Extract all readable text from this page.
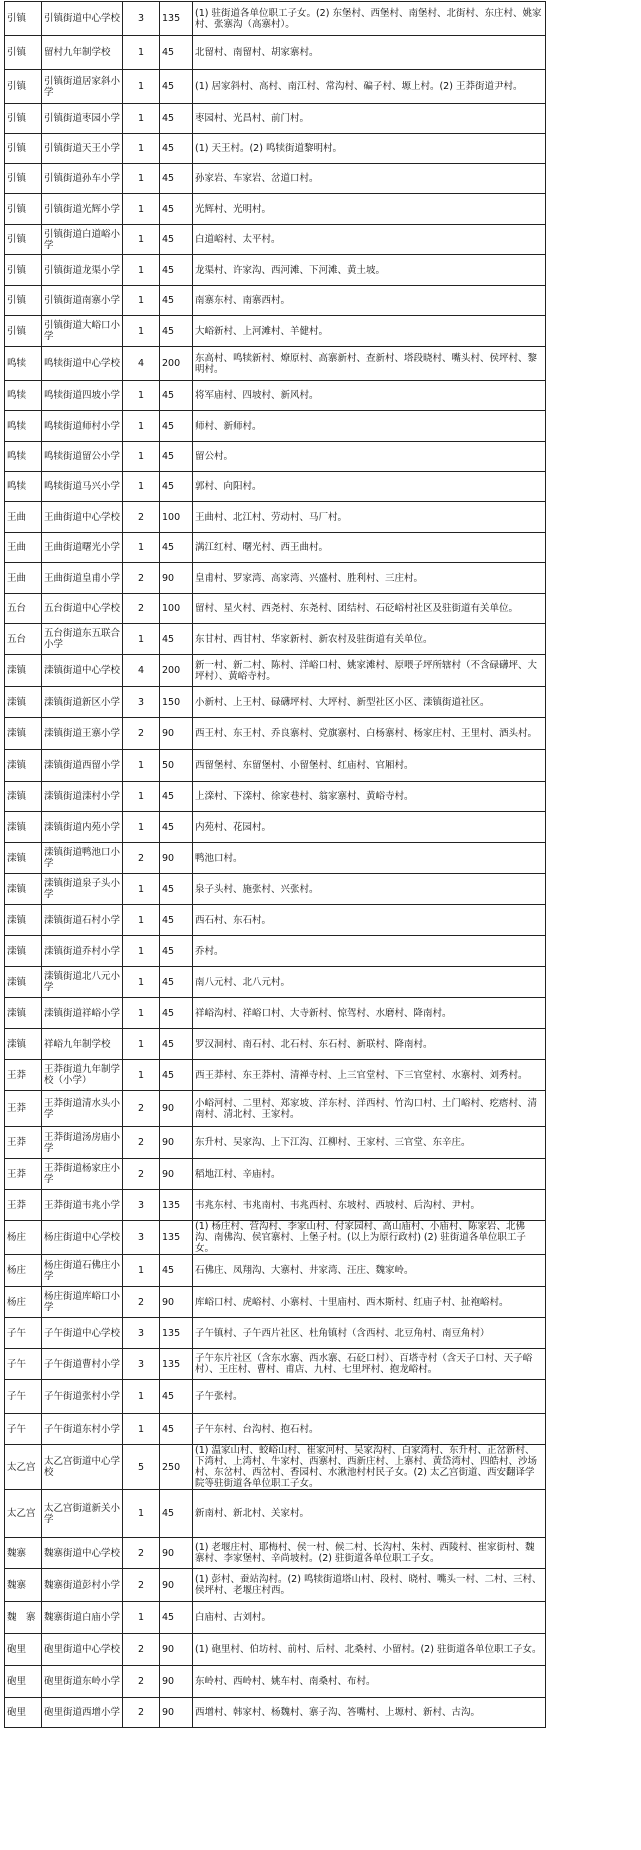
引镇	引镇街道中心学校	3	135	(1) 驻街道各单位职工子女。(2) 东堡村、西堡村、南堡村、北街村、东庄村、姚家村、张寨沟（高寨村）。
引镇	留村九年制学校	1	45	北留村、南留村、胡家寨村。
引镇	引镇街道居家斜小学	1	45	(1) 居家斜村、高村、南江村、常沟村、碥子村、塬上村。(2) 王莽街道尹村。
引镇	引镇街道枣园小学	1	45	枣园村、光昌村、前门村。
引镇	引镇街道天王小学	1	45	(1) 天王村。(2) 鸣犊街道黎明村。
引镇	引镇街道孙车小学	1	45	孙家岩、车家岩、岔道口村。
引镇	引镇街道光辉小学	1	45	光辉村、光明村。
引镇	引镇街道白道峪小学	1	45	白道峪村、太平村。
引镇	引镇街道龙渠小学	1	45	龙渠村、许家沟、西河滩、下河滩、黄土坡。
引镇	引镇街道南寨小学	1	45	南寨东村、南寨西村。
引镇	引镇街道大峪口小学	1	45	大峪新村、上河滩村、羊健村。
鸣犊	鸣犊街道中心学校	4	200	东高村、鸣犊新村、燎原村、高寨新村、查新村、塔段晓村、嘴头村、侯坪村、黎明村。
鸣犊	鸣犊街道四坡小学	1	45	将军庙村、四坡村、新风村。
鸣犊	鸣犊街道师村小学	1	45	师村、新师村。
鸣犊	鸣犊街道留公小学	1	45	留公村。
鸣犊	鸣犊街道马兴小学	1	45	郭村、向阳村。
王曲	王曲街道中心学校	2	100	王曲村、北江村、劳动村、马厂村。
王曲	王曲街道曙光小学	1	45	满江红村、曙光村、西王曲村。
王曲	王曲街道皇甫小学	2	90	皇甫村、罗家湾、高家湾、兴盛村、胜利村、三庄村。
五台	五台街道中心学校	2	100	留村、星火村、西尧村、东尧村、团结村、石砭峪村社区及驻街道有关单位。
五台	五台街道东五联合小学	1	45	东甘村、西甘村、华家新村、新农村及驻街道有关单位。
滦镇	滦镇街道中心学校	4	200	新一村、新二村、陈村、洋峪口村、姚家滩村、原喂子坪所辖村（不含碌礴坪、大坪村）、黄峪寺村。
滦镇	滦镇街道新区小学	3	150	小新村、上王村、碌礴坪村、大坪村、新型社区小区、滦镇街道社区。
滦镇	滦镇街道王寨小学	2	90	西王村、东王村、乔良寨村、党旗寨村、白杨寨村、杨家庄村、王里村、酒头村。
滦镇	滦镇街道西留小学	1	50	西留堡村、东留堡村、小留堡村、红庙村、官厢村。
滦镇	滦镇街道滦村小学	1	45	上滦村、下滦村、徐家巷村、翁家寨村、黄峪寺村。
滦镇	滦镇街道内苑小学	1	45	内苑村、花园村。
滦镇	滦镇街道鸭池口小学	2	90	鸭池口村。
滦镇	滦镇街道泉子头小学	1	45	泉子头村、施张村、兴张村。
滦镇	滦镇街道石村小学	1	45	西石村、东石村。
滦镇	滦镇街道乔村小学	1	45	乔村。
滦镇	滦镇街道北八元小学	1	45	南八元村、北八元村。
滦镇	滦镇街道祥峪小学	1	45	祥峪沟村、祥峪口村、大寺新村、惊驾村、水磨村、降南村。
滦镇	祥峪九年制学校	1	45	罗汉洞村、南石村、北石村、东石村、新联村、降南村。
王莽	王莽街道九年制学校（小学）	1	45	西王莽村、东王莽村、清禅寺村、上三官堂村、下三官堂村、水寨村、刘秀村。
王莽	王莽街道清水头小学	2	90	小峪河村、二里村、郑家坡、洋东村、洋西村、竹沟口村、土门峪村、疙瘩村、清南村、清北村、王家村。
王莽	王莽街道汤房庙小学	2	90	东升村、吴家沟、上下江沟、江柳村、王家村、三官堂、东辛庄。
王莽	王莽街道杨家庄小学	2	90	稻地江村、辛庙村。
王莽	王莽街道韦兆小学	3	135	韦兆东村、韦兆南村、韦兆西村、东坡村、西坡村、后沟村、尹村。
杨庄	杨庄街道中心学校	3	135	(1) 杨庄村、营沟村、李家山村、付家园村、高山庙村、小庙村、陈家岩、北佛沟、南佛沟、侯官寨村、上堡子村。(以上为原行政村) (2) 驻街道各单位职工子女。
杨庄	杨庄街道石佛庄小学	1	45	石佛庄、凤翔沟、大寨村、井家湾、汪庄、魏家岭。
杨庄	杨庄街道库峪口小学	2	90	库峪口村、虎峪村、小寨村、十里庙村、西木斯村、红庙子村、扯袍峪村。
子午	子午街道中心学校	3	135	子午镇村、子午西片社区、杜角镇村（含西村、北豆角村、南豆角村）
子午	子午街道曹村小学	3	135	子午东片社区（含东水寨、西水寨、石砭口村）、百塔寺村（含天子口村、天子峪村）、王庄村、曹村、甫店、九村、七里坪村、抱龙峪村。
子午	子午街道张村小学	1	45	子午张村。
子午	子午街道东村小学	1	45	子午东村、台沟村、抱石村。
太乙宫	太乙宫街道中心学校	5	250	(1) 温家山村、蛟峪山村、崔家河村、吴家沟村、白家湾村、东升村、正岔新村、下湾村、上湾村、牛家村、西寨村、西新庄村、上寨村、黄岱湾村、四皓村、沙场村、东岔村、西岔村、香园村、水湫池村村民子女。(2) 太乙宫街道、西安翻译学院等驻街道各单位职工子女。
太乙宫	太乙宫街道新关小学	1	45	新南村、新北村、关家村。
魏寨	魏寨街道中心学校	2	90	(1) 老堰庄村、耶梅村、侯一村、候二村、长沟村、朱村、西陵村、崔家街村、魏寨村、李家堡村、辛尚坡村。(2) 驻街道各单位职工子女。
魏寨	魏寨街道彭村小学	2	90	(1) 彭村、蚕站沟村。(2) 鸣犊街道塔山村、段村、晓村、嘴头一村、二村、三村、侯坪村、老堰庄村西。
魏　寨	魏寨街道白庙小学	1	45	白庙村、古刘村。
砲里	砲里街道中心学校	2	90	(1) 砲里村、伯坊村、前村、后村、北桑村、小留村。(2) 驻街道各单位职工子女。
砲里	砲里街道东岭小学	2	90	东岭村、西岭村、姚车村、南桑村、布村。
砲里	砲里街道西增小学	2	90	西增村、韩家村、杨魏村、寨子沟、答嘴村、上塬村、新村、古沟。
